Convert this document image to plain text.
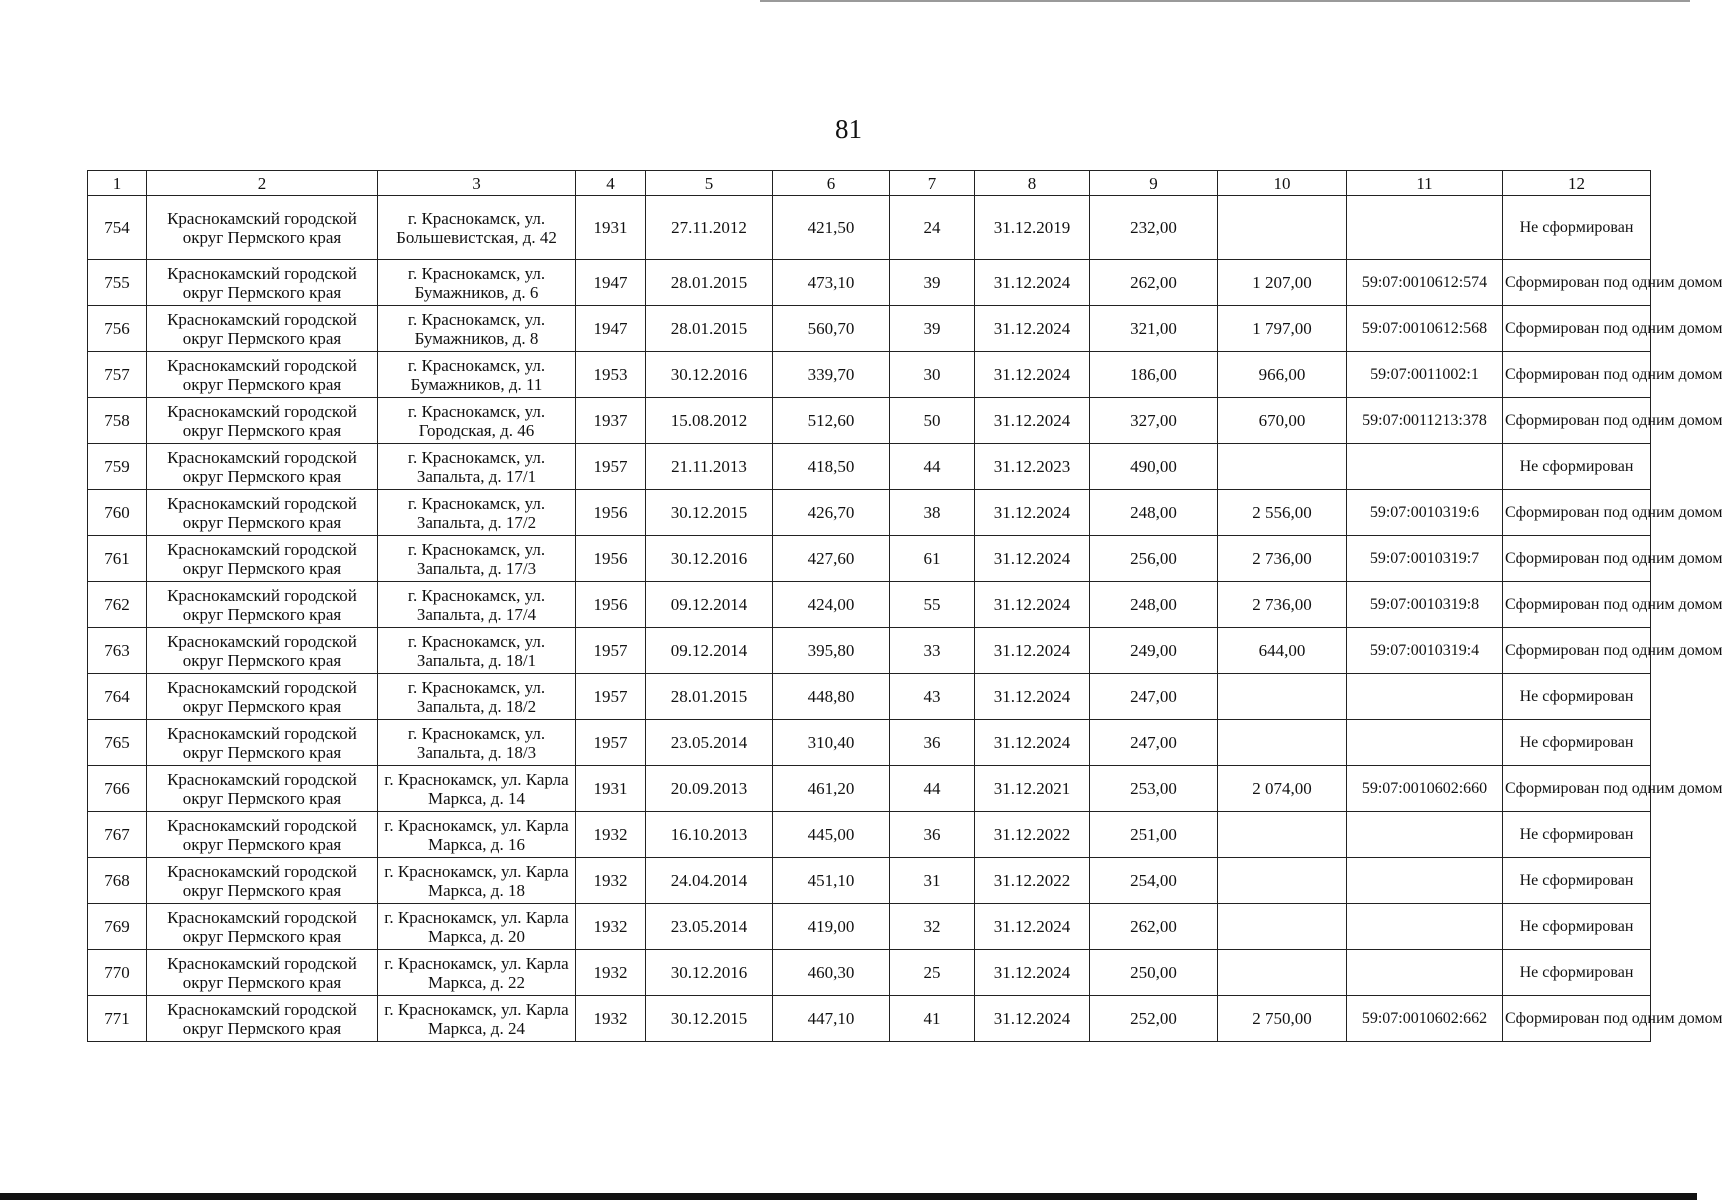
81
1	2	3	4	5	6	7	8	9	10	11	12
754	Краснокамский городской округ Пермского края	г. Краснокамск, ул. Большевистская, д. 42	1931	27.11.2012	421,50	24	31.12.2019	232,00			Не сформирован
755	Краснокамский городской округ Пермского края	г. Краснокамск, ул. Бумажников, д. 6	1947	28.01.2015	473,10	39	31.12.2024	262,00	1 207,00	59:07:0010612:574	Сформирован под одним домом
756	Краснокамский городской округ Пермского края	г. Краснокамск, ул. Бумажников, д. 8	1947	28.01.2015	560,70	39	31.12.2024	321,00	1 797,00	59:07:0010612:568	Сформирован под одним домом
757	Краснокамский городской округ Пермского края	г. Краснокамск, ул. Бумажников, д. 11	1953	30.12.2016	339,70	30	31.12.2024	186,00	966,00	59:07:0011002:1	Сформирован под одним домом
758	Краснокамский городской округ Пермского края	г. Краснокамск, ул. Городская, д. 46	1937	15.08.2012	512,60	50	31.12.2024	327,00	670,00	59:07:0011213:378	Сформирован под одним домом
759	Краснокамский городской округ Пермского края	г. Краснокамск, ул. Запальта, д. 17/1	1957	21.11.2013	418,50	44	31.12.2023	490,00			Не сформирован
760	Краснокамский городской округ Пермского края	г. Краснокамск, ул. Запальта, д. 17/2	1956	30.12.2015	426,70	38	31.12.2024	248,00	2 556,00	59:07:0010319:6	Сформирован под одним домом
761	Краснокамский городской округ Пермского края	г. Краснокамск, ул. Запальта, д. 17/3	1956	30.12.2016	427,60	61	31.12.2024	256,00	2 736,00	59:07:0010319:7	Сформирован под одним домом
762	Краснокамский городской округ Пермского края	г. Краснокамск, ул. Запальта, д. 17/4	1956	09.12.2014	424,00	55	31.12.2024	248,00	2 736,00	59:07:0010319:8	Сформирован под одним домом
763	Краснокамский городской округ Пермского края	г. Краснокамск, ул. Запальта, д. 18/1	1957	09.12.2014	395,80	33	31.12.2024	249,00	644,00	59:07:0010319:4	Сформирован под одним домом
764	Краснокамский городской округ Пермского края	г. Краснокамск, ул. Запальта, д. 18/2	1957	28.01.2015	448,80	43	31.12.2024	247,00			Не сформирован
765	Краснокамский городской округ Пермского края	г. Краснокамск, ул. Запальта, д. 18/3	1957	23.05.2014	310,40	36	31.12.2024	247,00			Не сформирован
766	Краснокамский городской округ Пермского края	г. Краснокамск, ул. Карла Маркса, д. 14	1931	20.09.2013	461,20	44	31.12.2021	253,00	2 074,00	59:07:0010602:660	Сформирован под одним домом
767	Краснокамский городской округ Пермского края	г. Краснокамск, ул. Карла Маркса, д. 16	1932	16.10.2013	445,00	36	31.12.2022	251,00			Не сформирован
768	Краснокамский городской округ Пермского края	г. Краснокамск, ул. Карла Маркса, д. 18	1932	24.04.2014	451,10	31	31.12.2022	254,00			Не сформирован
769	Краснокамский городской округ Пермского края	г. Краснокамск, ул. Карла Маркса, д. 20	1932	23.05.2014	419,00	32	31.12.2024	262,00			Не сформирован
770	Краснокамский городской округ Пермского края	г. Краснокамск, ул. Карла Маркса, д. 22	1932	30.12.2016	460,30	25	31.12.2024	250,00			Не сформирован
771	Краснокамский городской округ Пермского края	г. Краснокамск, ул. Карла Маркса, д. 24	1932	30.12.2015	447,10	41	31.12.2024	252,00	2 750,00	59:07:0010602:662	Сформирован под одним домом
